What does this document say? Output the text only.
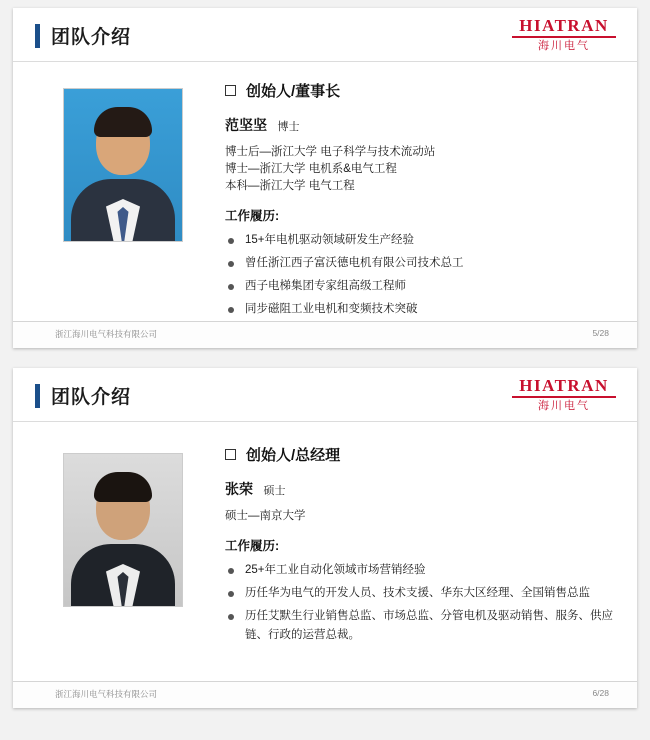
团队介绍
HIATRAN
海川电气
创始人/董事长
范坚坚 博士
博士后—浙江大学 电子科学与技术流动站
博士—浙江大学 电机系&电气工程
本科—浙江大学 电气工程
工作履历:
15+年电机驱动领域研发生产经验
曾任浙江西子富沃德电机有限公司技术总工
西子电梯集团专家组高级工程师
同步磁阻工业电机和变频技术突破
浙江海川电气科技有限公司	5/28
团队介绍
HIATRAN
海川电气
创始人/总经理
张荣 硕士
硕士—南京大学
工作履历:
25+年工业自动化领域市场营销经验
历任华为电气的开发人员、技术支援、华东大区经理、全国销售总监
历任艾默生行业销售总监、市场总监、分管电机及驱动销售、服务、供应链、行政的运营总裁。
浙江海川电气科技有限公司	6/28
